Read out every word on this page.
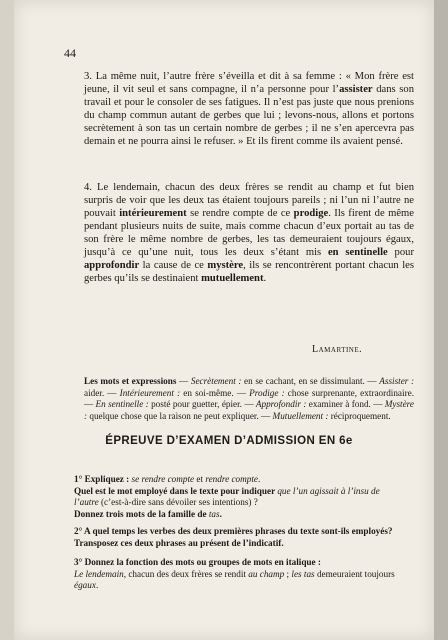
44

3. La même nuit, l’autre frère s’éveilla et dit à sa femme : « Mon frère est jeune, il vit seul et sans compagne, il n’a personne pour l’assister dans son travail et pour le consoler de ses fatigues. Il n’est pas juste que nous prenions du champ commun autant de gerbes que lui ; levons-nous, allons et portons secrètement à son tas un certain nombre de gerbes ; il ne s’en apercevra pas demain et ne pourra ainsi le refuser. » Et ils firent comme ils avaient pensé.

4. Le lendemain, chacun des deux frères se rendit au champ et fut bien surpris de voir que les deux tas étaient toujours pareils ; ni l’un ni l’autre ne pouvait intérieurement se rendre compte de ce prodige. Ils firent de même pendant plusieurs nuits de suite, mais comme chacun d’eux portait au tas de son frère le même nombre de gerbes, les tas demeuraient toujours égaux, jusqu’à ce qu’une nuit, tous les deux s’étant mis en sentinelle pour approfondir la cause de ce mystère, ils se rencontrèrent portant chacun les gerbes qu’ils se destinaient mutuellement.

Lamartine.

Les mots et expressions — Secrètement : en se cachant, en se dissimulant. — Assister : aider. — Intérieurement : en soi-même. — Prodige : chose surprenante, extraordinaire. — En sentinelle : posté pour guetter, épier. — Approfondir : examiner à fond. — Mystère : quelque chose que la raison ne peut expliquer. — Mutuellement : réciproquement.

ÉPREUVE D’EXAMEN D’ADMISSION EN 6e

1° Expliquez : se rendre compte et rendre compte.
Quel est le mot employé dans le texte pour indiquer que l’un agissait à l’insu de l’autre (c’est-à-dire sans dévoiler ses intentions) ?
Donnez trois mots de la famille de tas.

2° A quel temps les verbes des deux premières phrases du texte sont-ils employés? Transposez ces deux phrases au présent de l’indicatif.

3° Donnez la fonction des mots ou groupes de mots en italique :
Le lendemain, chacun des deux frères se rendit au champ ; les tas demeuraient toujours égaux.
